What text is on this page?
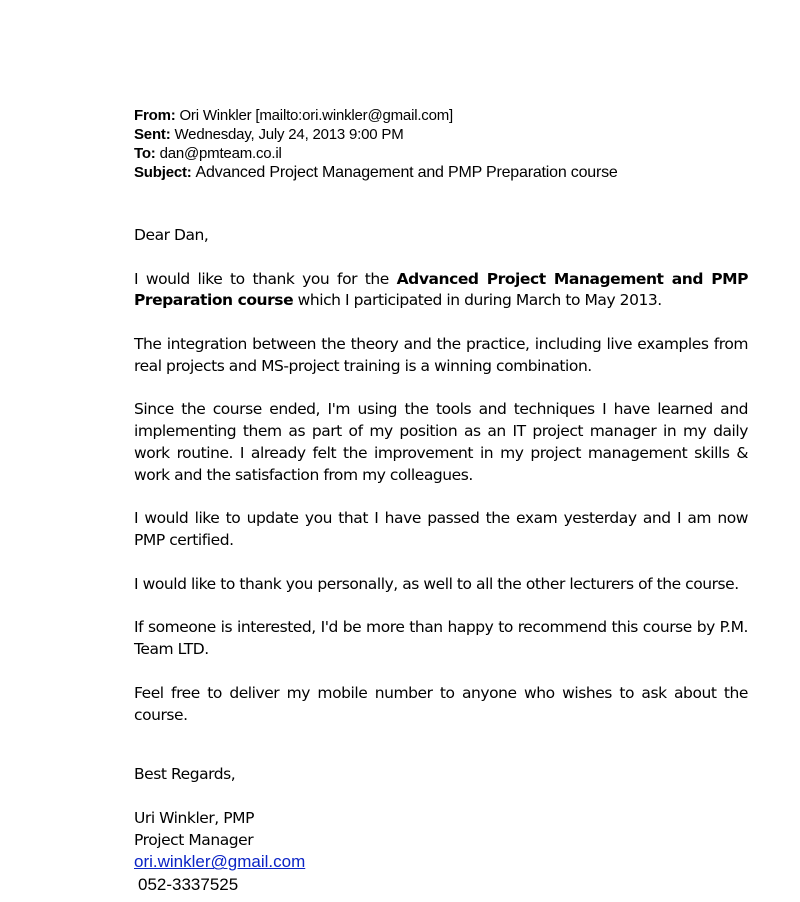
From: Ori Winkler [mailto:ori.winkler@gmail.com]
Sent: Wednesday, July 24, 2013 9:00 PM
To: dan@pmteam.co.il
Subject: Advanced Project Management and PMP Preparation course

Dear Dan,

I would like to thank you for the Advanced Project Management and PMP Preparation course which I participated in during March to May 2013.

The integration between the theory and the practice, including live examples from real projects and MS-project training is a winning combination.

Since the course ended, I'm using the tools and techniques I have learned and implementing them as part of my position as an IT project manager in my daily work routine. I already felt the improvement in my project management skills & work and the satisfaction from my colleagues.

I would like to update you that I have passed the exam yesterday and I am now PMP certified.

I would like to thank you personally, as well to all the other lecturers of the course.

If someone is interested, I'd be more than happy to recommend this course by P.M. Team LTD.

Feel free to deliver my mobile number to anyone who wishes to ask about the course.

Best Regards,
Uri Winkler, PMP
Project Manager
ori.winkler@gmail.com
052-3337525
